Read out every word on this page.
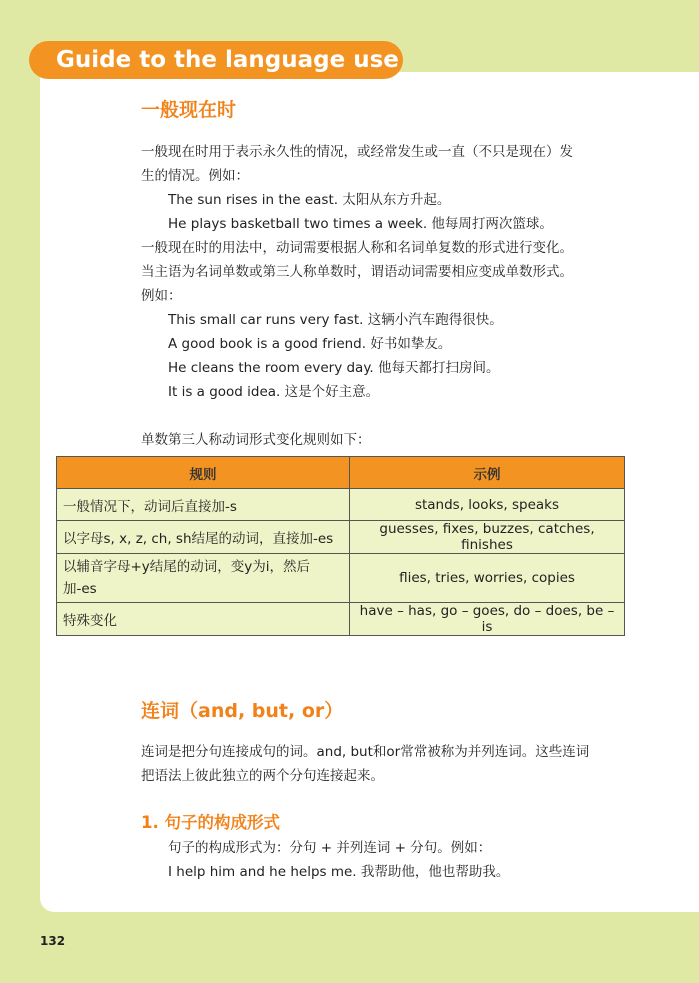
Guide to the language use
一般现在时

一般现在时用于表示永久性的情况，或经常发生或一直（不只是现在）发

生的情况。例如：

The sun rises in the east. 太阳从东方升起。

He plays basketball two times a week. 他每周打两次篮球。

一般现在时的用法中，动词需要根据人称和名词单复数的形式进行变化。

当主语为名词单数或第三人称单数时，谓语动词需要相应变成单数形式。

例如：

This small car runs very fast. 这辆小汽车跑得很快。

A good book is a good friend. 好书如挚友。

He cleans the room every day. 他每天都打扫房间。

It is a good idea. 这是个好主意。

单数第三人称动词形式变化规则如下：

规则	示例
一般情况下，动词后直接加-s	stands, looks, speaks
以字母s, x, z, ch, sh结尾的动词，直接加-es	guesses, fixes, buzzes, catches, finishes
以辅音字母+y结尾的动词，变y为i，然后
加-es	flies, tries, worries, copies
特殊变化	have – has, go – goes, do – does, be – is
连词（and, but, or）

连词是把分句连接成句的词。and, but和or常常被称为并列连词。这些连词

把语法上彼此独立的两个分句连接起来。

1. 句子的构成形式

句子的构成形式为：分句 + 并列连词 + 分句。例如：

I help him and he helps me. 我帮助他，他也帮助我。

132
